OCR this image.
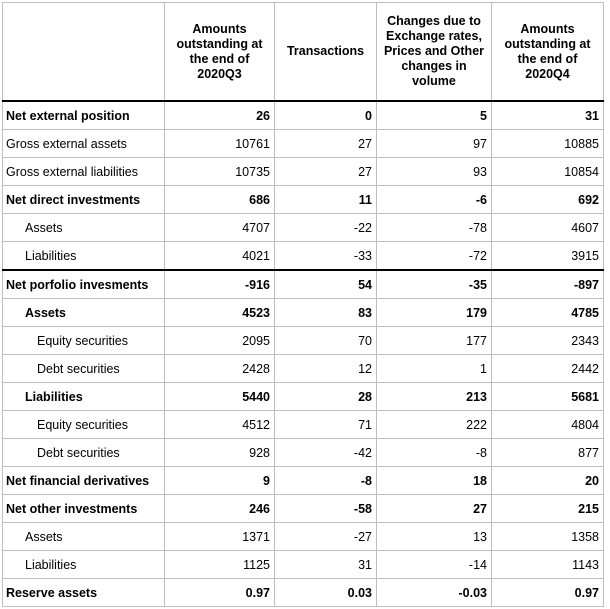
	Amounts outstanding at the end of 2020Q3	Transactions	Changes due to Exchange rates, Prices and Other changes in volume	Amounts outstanding at the end of 2020Q4
Net external position	26	0	5	31
Gross external assets	10761	27	97	10885
Gross external liabilities	10735	27	93	10854
Net direct investments	686	11	-6	692
Assets	4707	-22	-78	4607
Liabilities	4021	-33	-72	3915
Net porfolio invesments	-916	54	-35	-897
Assets	4523	83	179	4785
Equity securities	2095	70	177	2343
Debt securities	2428	12	1	2442
Liabilities	5440	28	213	5681
Equity securities	4512	71	222	4804
Debt securities	928	-42	-8	877
Net financial derivatives	9	-8	18	20
Net other investments	246	-58	27	215
Assets	1371	-27	13	1358
Liabilities	1125	31	-14	1143
Reserve assets	0.97	0.03	-0.03	0.97
